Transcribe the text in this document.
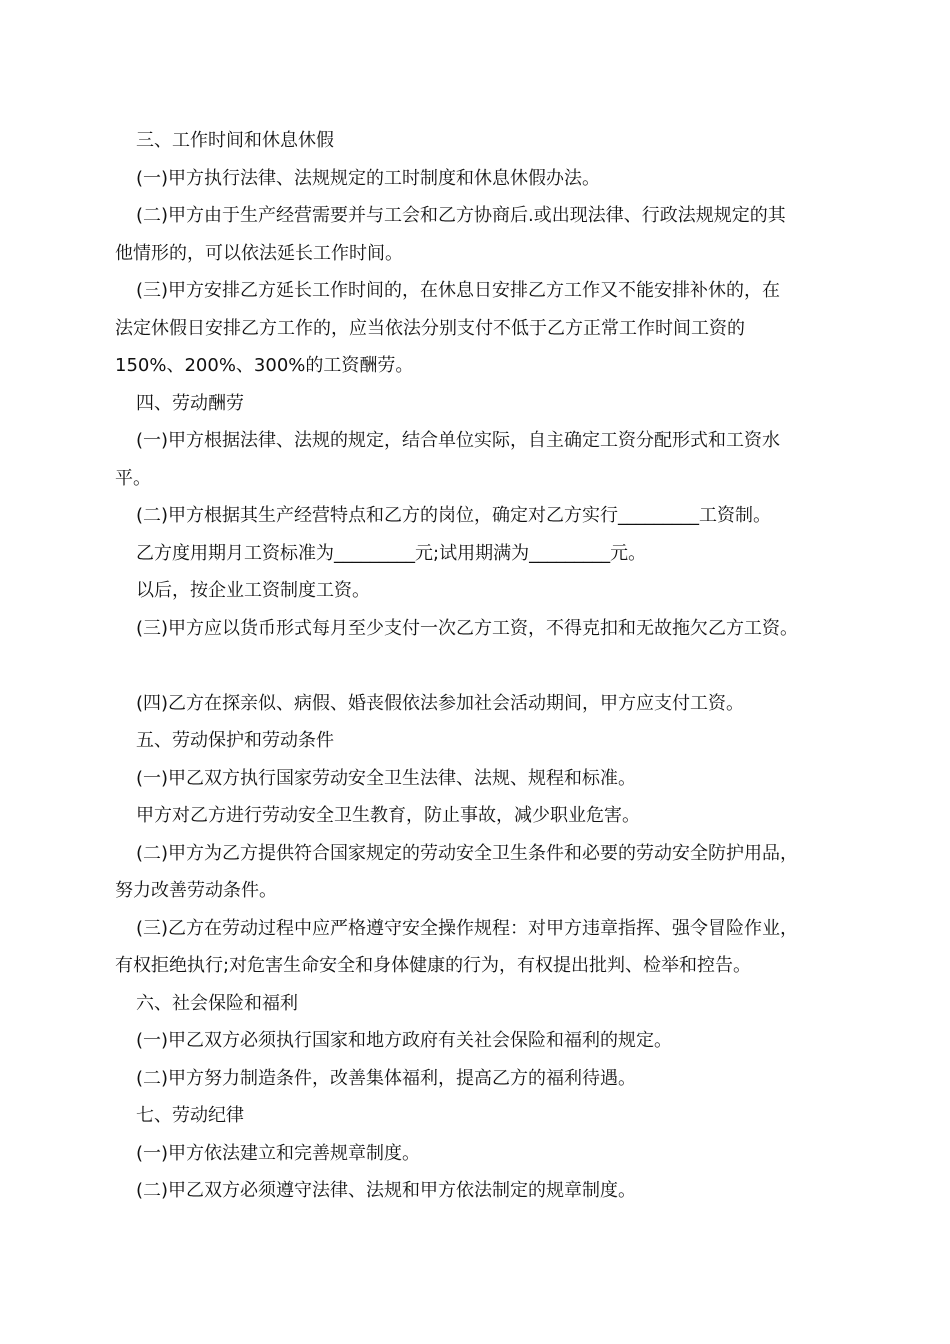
三、工作时间和休息休假
(一)甲方执行法律、法规规定的工时制度和休息休假办法。
(二)甲方由于生产经营需要并与工会和乙方协商后.或出现法律、行政法规规定的其
他情形的，可以依法延长工作时间。
(三)甲方安排乙方延长工作时间的，在休息日安排乙方工作又不能安排补休的，在
法定休假日安排乙方工作的，应当依法分别支付不低于乙方正常工作时间工资的
150%、200%、300%的工资酬劳。
四、劳动酬劳
(一)甲方根据法律、法规的规定，结合单位实际，自主确定工资分配形式和工资水
平。
(二)甲方根据其生产经营特点和乙方的岗位，确定对乙方实行_________工资制。
乙方度用期月工资标准为_________元;试用期满为_________元。
以后，按企业工资制度工资。
(三)甲方应以货币形式每月至少支付一次乙方工资，不得克扣和无故拖欠乙方工资。
(四)乙方在探亲似、病假、婚丧假依法参加社会活动期间，甲方应支付工资。
五、劳动保护和劳动条件
(一)甲乙双方执行国家劳动安全卫生法律、法规、规程和标准。
甲方对乙方进行劳动安全卫生教育，防止事故，减少职业危害。
(二)甲方为乙方提供符合国家规定的劳动安全卫生条件和必要的劳动安全防护用品，
努力改善劳动条件。
(三)乙方在劳动过程中应严格遵守安全操作规程：对甲方违章指挥、强令冒险作业，
有权拒绝执行;对危害生命安全和身体健康的行为，有权提出批判、检举和控告。
六、社会保险和福利
(一)甲乙双方必须执行国家和地方政府有关社会保险和福利的规定。
(二)甲方努力制造条件，改善集体福利，提高乙方的福利待遇。
七、劳动纪律
(一)甲方依法建立和完善规章制度。
(二)甲乙双方必须遵守法律、法规和甲方依法制定的规章制度。
